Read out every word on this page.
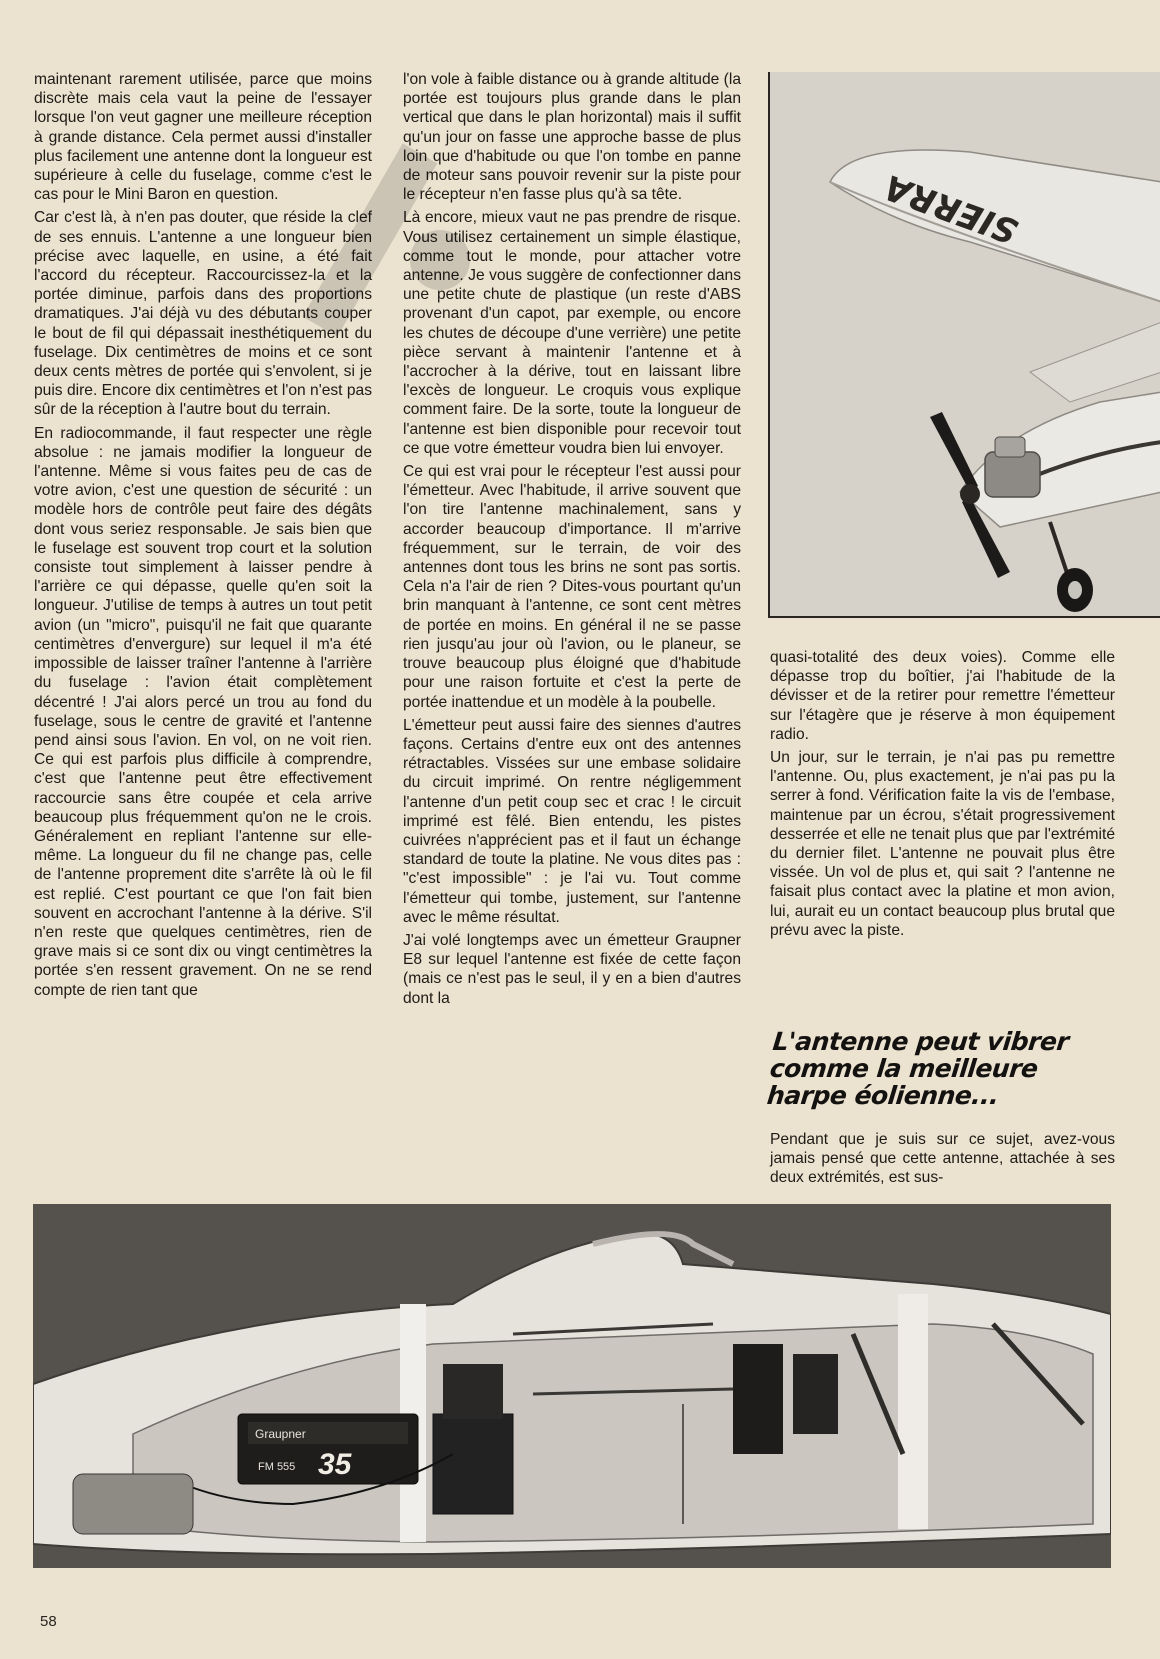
maintenant rarement utilisée, parce que moins discrète mais cela vaut la peine de l'essayer lorsque l'on veut gagner une meilleure réception à grande distance. Cela permet aussi d'installer plus facilement une antenne dont la longueur est supérieure à celle du fuselage, comme c'est le cas pour le Mini Baron en question.

Car c'est là, à n'en pas douter, que réside la clef de ses ennuis. L'antenne a une longueur bien précise avec laquelle, en usine, a été fait l'accord du récepteur. Raccourcissez-la et la portée diminue, parfois dans des proportions dramatiques. J'ai déjà vu des débutants couper le bout de fil qui dépassait inesthétiquement du fuselage. Dix centimètres de moins et ce sont deux cents mètres de portée qui s'envolent, si je puis dire. Encore dix centimètres et l'on n'est pas sûr de la réception à l'autre bout du terrain.

En radiocommande, il faut respecter une règle absolue : ne jamais modifier la longueur de l'antenne. Même si vous faites peu de cas de votre avion, c'est une question de sécurité : un modèle hors de contrôle peut faire des dégâts dont vous seriez responsable. Je sais bien que le fuselage est souvent trop court et la solution consiste tout simplement à laisser pendre à l'arrière ce qui dépasse, quelle qu'en soit la longueur. J'utilise de temps à autres un tout petit avion (un "micro", puisqu'il ne fait que quarante centimètres d'envergure) sur lequel il m'a été impossible de laisser traîner l'antenne à l'arrière du fuselage : l'avion était complètement décentré ! J'ai alors percé un trou au fond du fuselage, sous le centre de gravité et l'antenne pend ainsi sous l'avion. En vol, on ne voit rien. Ce qui est parfois plus difficile à comprendre, c'est que l'antenne peut être effectivement raccourcie sans être coupée et cela arrive beaucoup plus fréquemment qu'on ne le crois. Généralement en repliant l'antenne sur elle-même. La longueur du fil ne change pas, celle de l'antenne proprement dite s'arrête là où le fil est replié. C'est pourtant ce que l'on fait bien souvent en accrochant l'antenne à la dérive. S'il n'en reste que quelques centimètres, rien de grave mais si ce sont dix ou vingt centimètres la portée s'en ressent gravement. On ne se rend compte de rien tant que

l'on vole à faible distance ou à grande altitude (la portée est toujours plus grande dans le plan vertical que dans le plan horizontal) mais il suffit qu'un jour on fasse une approche basse de plus loin que d'habitude ou que l'on tombe en panne de moteur sans pouvoir revenir sur la piste pour le récepteur n'en fasse plus qu'à sa tête.

Là encore, mieux vaut ne pas prendre de risque. Vous utilisez certainement un simple élastique, comme tout le monde, pour attacher votre antenne. Je vous suggère de confectionner dans une petite chute de plastique (un reste d'ABS provenant d'un capot, par exemple, ou encore les chutes de découpe d'une verrière) une petite pièce servant à maintenir l'antenne et à l'accrocher à la dérive, tout en laissant libre l'excès de longueur. Le croquis vous explique comment faire. De la sorte, toute la longueur de l'antenne est bien disponible pour recevoir tout ce que votre émetteur voudra bien lui envoyer.

Ce qui est vrai pour le récepteur l'est aussi pour l'émetteur. Avec l'habitude, il arrive souvent que l'on tire l'antenne machinalement, sans y accorder beaucoup d'importance. Il m'arrive fréquemment, sur le terrain, de voir des antennes dont tous les brins ne sont pas sortis. Cela n'a l'air de rien ? Dites-vous pourtant qu'un brin manquant à l'antenne, ce sont cent mètres de portée en moins. En général il ne se passe rien jusqu'au jour où l'avion, ou le planeur, se trouve beaucoup plus éloigné que d'habitude pour une raison fortuite et c'est la perte de portée inattendue et un modèle à la poubelle.

L'émetteur peut aussi faire des siennes d'autres façons. Certains d'entre eux ont des antennes rétractables. Vissées sur une embase solidaire du circuit imprimé. On rentre négligemment l'antenne d'un petit coup sec et crac ! le circuit imprimé est fêlé. Bien entendu, les pistes cuivrées n'apprécient pas et il faut un échange standard de toute la platine. Ne vous dites pas : "c'est impossible" : je l'ai vu. Tout comme l'émetteur qui tombe, justement, sur l'antenne avec le même résultat.

J'ai volé longtemps avec un émetteur Graupner E8 sur lequel l'antenne est fixée de cette façon (mais ce n'est pas le seul, il y en a bien d'autres dont la

SIERRA

quasi-totalité des deux voies). Comme elle dépasse trop du boîtier, j'ai l'habitude de la dévisser et de la retirer pour remettre l'émetteur sur l'étagère que je réserve à mon équipement radio.

Un jour, sur le terrain, je n'ai pas pu remettre l'antenne. Ou, plus exactement, je n'ai pas pu la serrer à fond. Vérification faite la vis de l'embase, maintenue par un écrou, s'était progressivement desserrée et elle ne tenait plus que par l'extrémité du dernier filet. L'antenne ne pouvait plus être vissée. Un vol de plus et, qui sait ? l'antenne ne faisait plus contact avec la platine et mon avion, lui, aurait eu un contact beaucoup plus brutal que prévu avec la piste.

L'antenne peut vibrer
comme la meilleure
harpe éolienne...

Pendant que je suis sur ce sujet, avez-vous jamais pensé que cette antenne, attachée à ses deux extrémités, est sus-

Graupner
35
FM 555
58
